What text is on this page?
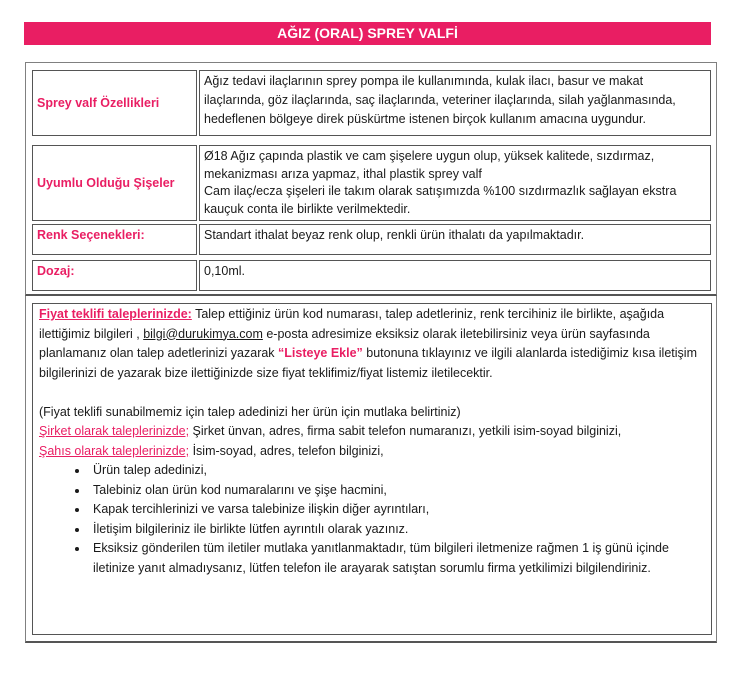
AĞIZ (ORAL) SPREY VALFİ
Sprey valf Özellikleri
Ağız tedavi ilaçlarının sprey pompa ile kullanımında, kulak ilacı, basur ve makat ilaçlarında, göz ilaçlarında, saç ilaçlarında, veteriner ilaçlarında, silah yağlanmasında, hedeflenen bölgeye direk püskürtme istenen birçok kullanım amacına uygundur.
Uyumlu Olduğu Şişeler
Ø18 Ağız çapında plastik ve cam şişelere uygun olup, yüksek kalitede, sızdırmaz, mekanizması arıza yapmaz, ithal plastik sprey valf
Cam ilaç/ecza şişeleri ile takım olarak satışımızda %100 sızdırmazlık sağlayan ekstra kauçuk conta ile birlikte verilmektedir.
Renk Seçenekleri:	Standart ithalat beyaz renk olup, renkli ürün ithalatı da yapılmaktadır.
Dozaj:	0,10ml.

Fiyat teklifi taleplerinizde: Talep ettiğiniz ürün kod numarası, talep adetleriniz, renk tercihiniz ile birlikte, aşağıda ilettiğimiz bilgileri , bilgi@durukimya.com e-posta adresimize eksiksiz olarak iletebilirsiniz veya ürün sayfasında planlamanız olan talep adetlerinizi yazarak “Listeye Ekle” butonuna tıklayınız ve ilgili alanlarda istediğimiz kısa iletişim bilgilerinizi de yazarak bize ilettiğinizde size fiyat teklifimiz/fiyat listemiz iletilecektir.

(Fiyat teklifi sunabilmemiz için talep adedinizi her ürün için mutlaka belirtiniz)

Şirket olarak taleplerinizde; Şirket ünvan, adres, firma sabit telefon numaranızı, yetkili isim-soyad bilginizi,

Şahıs olarak taleplerinizde; İsim-soyad, adres, telefon bilginizi,

• Ürün talep adedinizi,
• Talebiniz olan ürün kod numaralarını ve şişe hacmini,
• Kapak tercihlerinizi ve varsa talebinize ilişkin diğer ayrıntıları,
• İletişim bilgileriniz ile birlikte lütfen ayrıntılı olarak yazınız.
• Eksiksiz gönderilen tüm iletiler mutlaka yanıtlanmaktadır, tüm bilgileri iletmenize rağmen 1 iş günü içinde iletinize yanıt almadıysanız, lütfen telefon ile arayarak satıştan sorumlu firma yetkilimizi bilgilendiriniz.
